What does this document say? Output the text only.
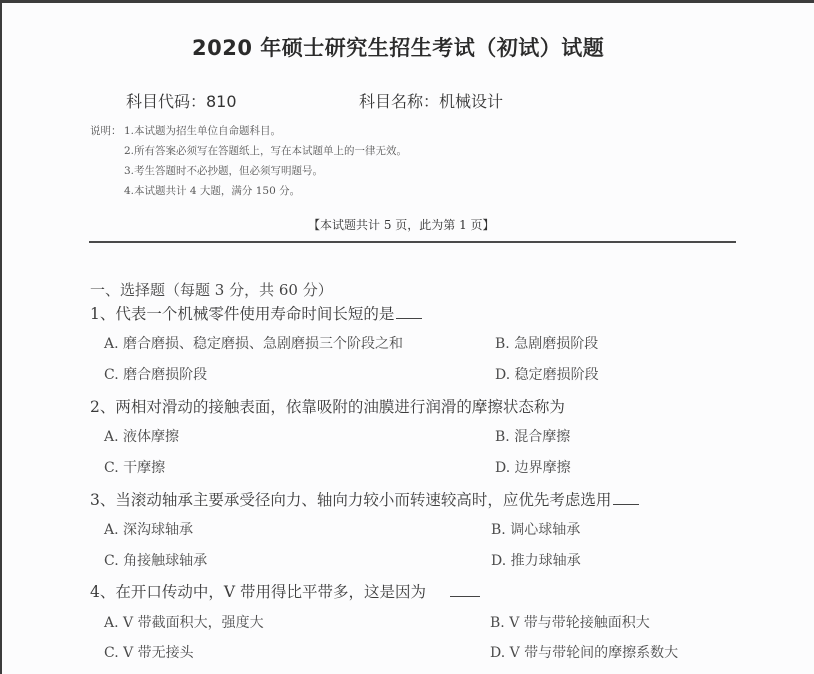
2020 年硕士研究生招生考试（初试）试题
科目代码：810	科目名称：机械设计
说明： 1.本试题为招生单位自命题科目。
2.所有答案必须写在答题纸上，写在本试题单上的一律无效。
3.考生答题时不必抄题，但必须写明题号。
4.本试题共计 4 大题，满分 150 分。
【本试题共计 5 页，此为第 1 页】
一、选择题（每题 3 分，共 60 分）
1、代表一个机械零件使用寿命时间长短的是
A. 磨合磨损、稳定磨损、急剧磨损三个阶段之和	B. 急剧磨损阶段
C. 磨合磨损阶段	D. 稳定磨损阶段
2、两相对滑动的接触表面，依靠吸附的油膜进行润滑的摩擦状态称为
A. 液体摩擦	B. 混合摩擦
C. 干摩擦	D. 边界摩擦
3、当滚动轴承主要承受径向力、轴向力较小而转速较高时，应优先考虑选用
A. 深沟球轴承	B. 调心球轴承
C. 角接触球轴承	D. 推力球轴承
4、在开口传动中，V 带用得比平带多，这是因为
A. V 带截面积大，强度大	B. V 带与带轮接触面积大
C. V 带无接头	D. V 带与带轮间的摩擦系数大
